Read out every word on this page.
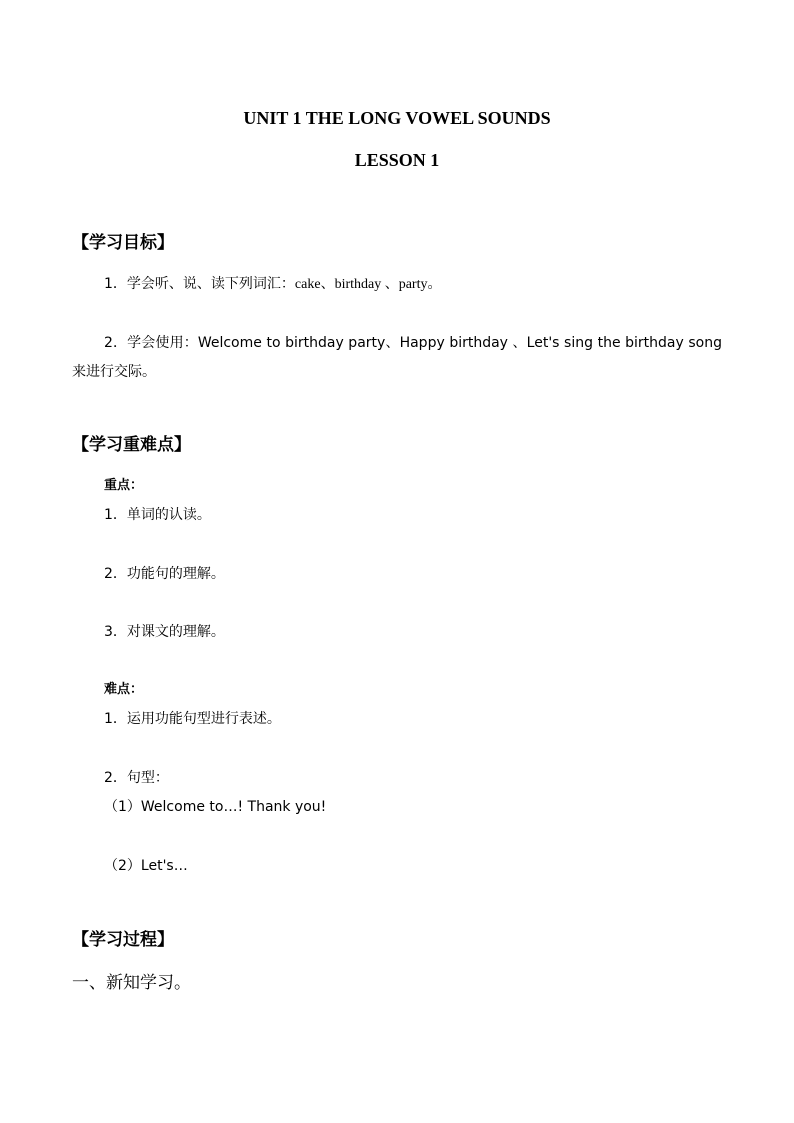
UNIT 1 THE LONG VOWEL SOUNDS
LESSON 1
【学习目标】
1．学会听、说、读下列词汇：cake、birthday 、party。
2．学会使用：Welcome to birthday party、Happy birthday 、Let's sing the birthday song 来进行交际。
【学习重难点】
重点：
1．单词的认读。
2．功能句的理解。
3．对课文的理解。
难点：
1．运用功能句型进行表述。
2．句型：
（1）Welcome to…! Thank you!
（2）Let's…
【学习过程】
一、新知学习。
